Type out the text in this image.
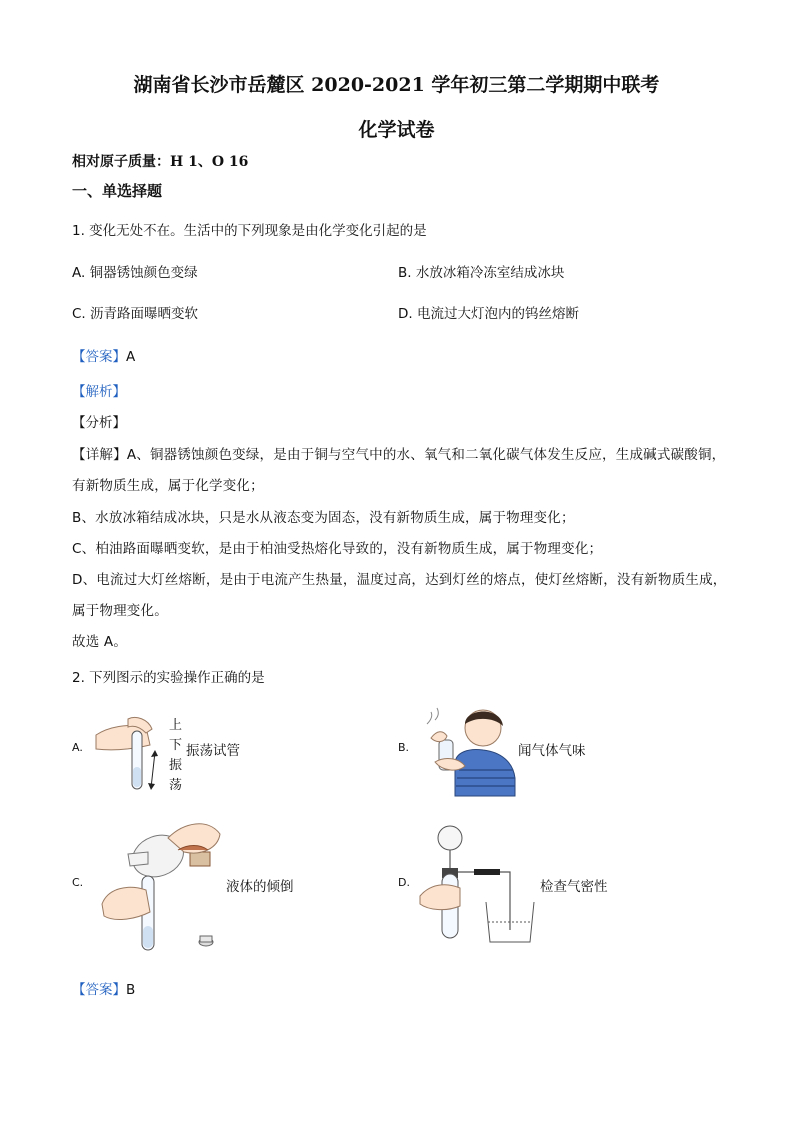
湖南省长沙市岳麓区 2020-2021 学年初三第二学期期中联考
化学试卷
相对原子质量：H 1、O 16
一、单选择题
1. 变化无处不在。生活中的下列现象是由化学变化引起的是
A. 铜器锈蚀颜色变绿	B. 水放冰箱冷冻室结成冰块
C. 沥青路面曝晒变软	D. 电流过大灯泡内的钨丝熔断
【答案】A
【解析】
【分析】
【详解】A、铜器锈蚀颜色变绿，是由于铜与空气中的水、氧气和二氧化碳气体发生反应，生成碱式碳酸铜，
有新物质生成，属于化学变化；
B、水放冰箱结成冰块，只是水从液态变为固态，没有新物质生成，属于物理变化；
C、柏油路面曝晒变软，是由于柏油受热熔化导致的，没有新物质生成，属于物理变化；
D、电流过大灯丝熔断，是由于电流产生热量，温度过高，达到灯丝的熔点，使灯丝熔断，没有新物质生成，
属于物理变化。
故选 A。
2. 下列图示的实验操作正确的是
A.
上
下
振
荡
振荡试管	B.	闻气体气味
C.	液体的倾倒	D.	检查气密性
【答案】B
